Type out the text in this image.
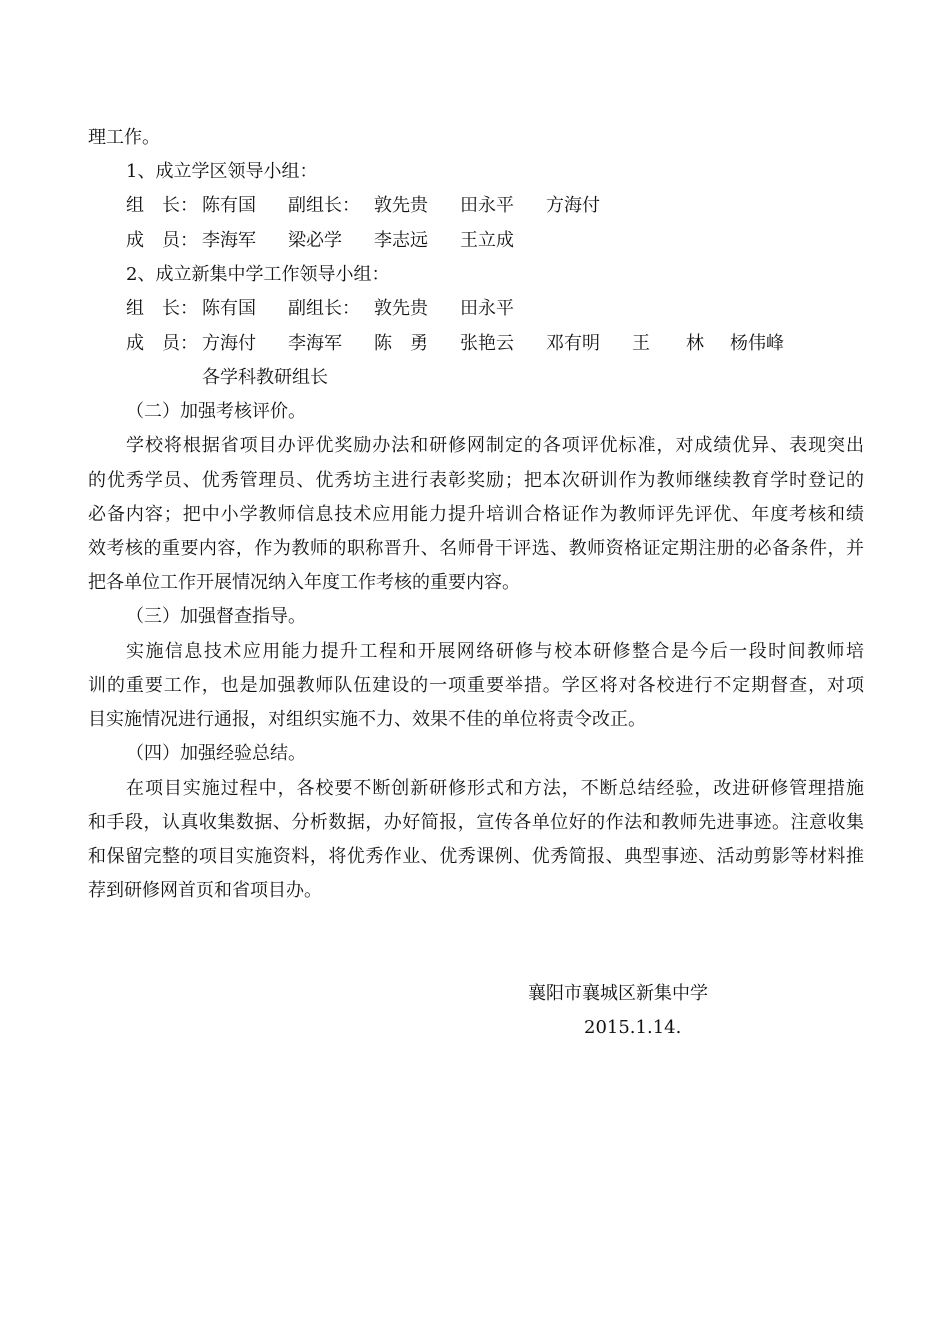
理工作。

1、成立学区领导小组：

组　长： 陈有国 副组长： 敦先贵 田永平 方海付
成　员： 李海军 梁必学 李志远 王立成

2、成立新集中学工作领导小组：

组　长： 陈有国 副组长： 敦先贵 田永平
成　员： 方海付 李海军 陈　勇 张艳云 邓有明 王　　林 杨伟峰

各学科教研组长

（二）加强考核评价。

学校将根据省项目办评优奖励办法和研修网制定的各项评优标准，对成绩优异、表现突出
的优秀学员、优秀管理员、优秀坊主进行表彰奖励；把本次研训作为教师继续教育学时登记的
必备内容；把中小学教师信息技术应用能力提升培训合格证作为教师评先评优、年度考核和绩
效考核的重要内容，作为教师的职称晋升、名师骨干评选、教师资格证定期注册的必备条件，并

把各单位工作开展情况纳入年度工作考核的重要内容。

（三）加强督查指导。

实施信息技术应用能力提升工程和开展网络研修与校本研修整合是今后一段时间教师培
训的重要工作，也是加强教师队伍建设的一项重要举措。学区将对各校进行不定期督查，对项

目实施情况进行通报，对组织实施不力、效果不佳的单位将责令改正。

（四）加强经验总结。

在项目实施过程中，各校要不断创新研修形式和方法，不断总结经验，改进研修管理措施
和手段，认真收集数据、分析数据，办好简报，宣传各单位好的作法和教师先进事迹。注意收集
和保留完整的项目实施资料，将优秀作业、优秀课例、优秀简报、典型事迹、活动剪影等材料推

荐到研修网首页和省项目办。

襄阳市襄城区新集中学

2015.1.14.
